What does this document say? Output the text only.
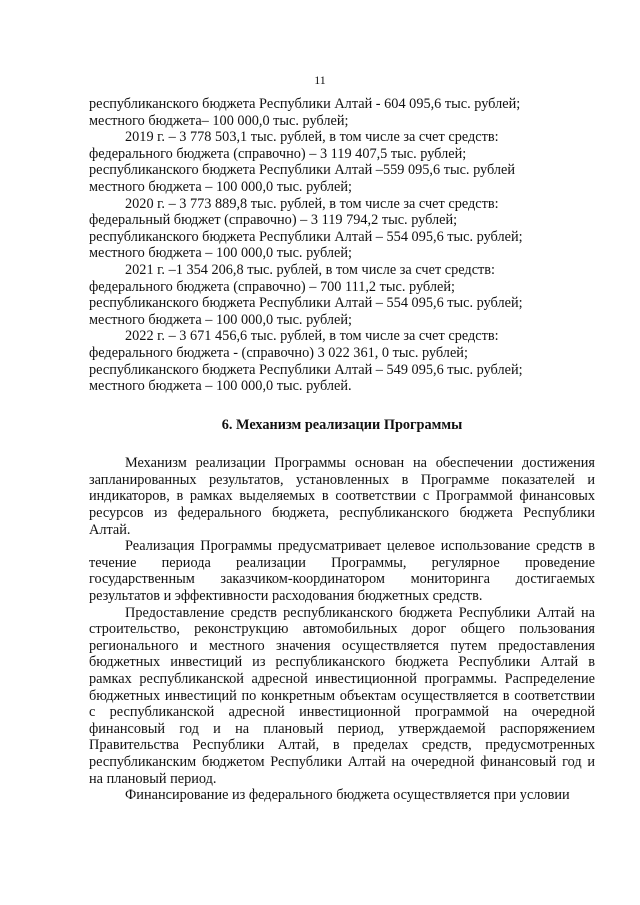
11
республиканского бюджета Республики Алтай - 604 095,6 тыс. рублей;
местного бюджета– 100 000,0 тыс. рублей;
2019 г. – 3 778 503,1 тыс. рублей, в том числе за счет средств:
федерального бюджета (справочно) – 3 119 407,5 тыс. рублей;
республиканского бюджета Республики Алтай –559 095,6 тыс. рублей
местного бюджета – 100 000,0 тыс. рублей;
2020 г. – 3 773 889,8 тыс. рублей, в том числе за счет средств:
федеральный бюджет (справочно) – 3 119 794,2 тыс. рублей;
республиканского бюджета Республики Алтай – 554 095,6 тыс. рублей;
местного бюджета – 100 000,0 тыс. рублей;
2021 г. –1 354 206,8 тыс. рублей, в том числе за счет средств:
федерального бюджета (справочно) – 700 111,2 тыс. рублей;
республиканского бюджета Республики Алтай – 554 095,6 тыс. рублей;
местного бюджета – 100 000,0 тыс. рублей;
2022 г. – 3 671 456,6 тыс. рублей, в том числе за счет средств:
федерального бюджета - (справочно) 3 022 361, 0 тыс. рублей;
республиканского бюджета Республики Алтай – 549 095,6 тыс. рублей;
местного бюджета – 100 000,0 тыс. рублей.
6. Механизм реализации Программы

Механизм реализации Программы основан на обеспечении достижения запланированных результатов, установленных в Программе показателей и индикаторов, в рамках выделяемых в соответствии с Программой финансовых ресурсов из федерального бюджета, республиканского бюджета Республики Алтай.

Реализация Программы предусматривает целевое использование средств в течение периода реализации Программы, регулярное проведение государственным заказчиком-координатором мониторинга достигаемых результатов и эффективности расходования бюджетных средств.

Предоставление средств республиканского бюджета Республики Алтай на строительство, реконструкцию автомобильных дорог общего пользования регионального и местного значения осуществляется путем предоставления бюджетных инвестиций из республиканского бюджета Республики Алтай в рамках республиканской адресной инвестиционной программы. Распределение бюджетных инвестиций по конкретным объектам осуществляется в соответствии с республиканской адресной инвестиционной программой на очередной финансовый год и на плановый период, утверждаемой распоряжением Правительства Республики Алтай, в пределах средств, предусмотренных республиканским бюджетом Республики Алтай на очередной финансовый год и на плановый период.

Финансирование из федерального бюджета осуществляется при условии
